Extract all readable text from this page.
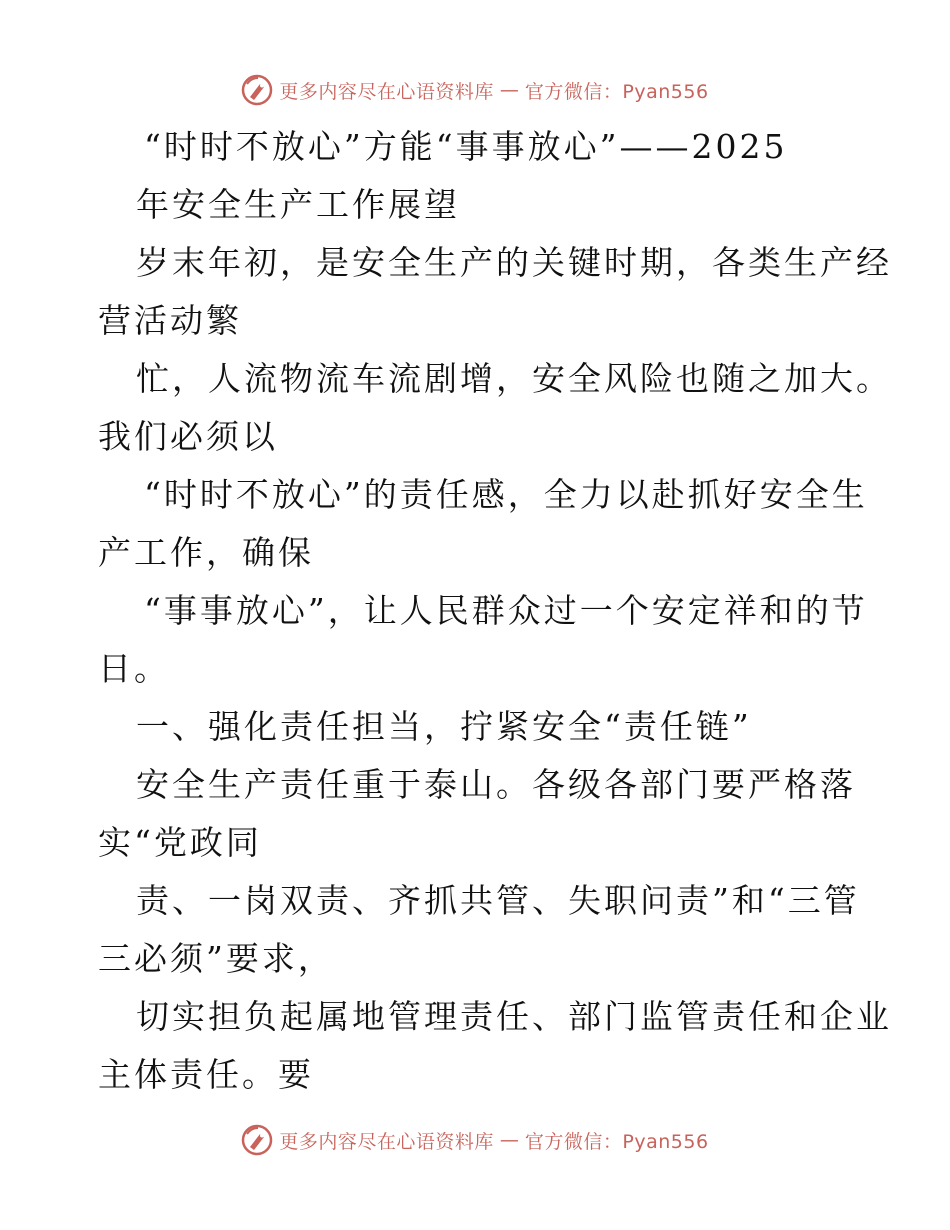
更多内容尽在心语资料库 — 官方微信：Pyan556
“时时不放心”方能“事事放心”——2025
年安全生产工作展望
岁末年初，是安全生产的关键时期，各类生产经
营活动繁
忙，人流物流车流剧增，安全风险也随之加大。
我们必须以
“时时不放心”的责任感，全力以赴抓好安全生
产工作，确保
“事事放心”，让人民群众过一个安定祥和的节
日。
一、强化责任担当，拧紧安全“责任链”
安全生产责任重于泰山。各级各部门要严格落
实“党政同
责、一岗双责、齐抓共管、失职问责”和“三管
三必须”要求，
切实担负起属地管理责任、部门监管责任和企业
主体责任。要
更多内容尽在心语资料库 — 官方微信：Pyan556
